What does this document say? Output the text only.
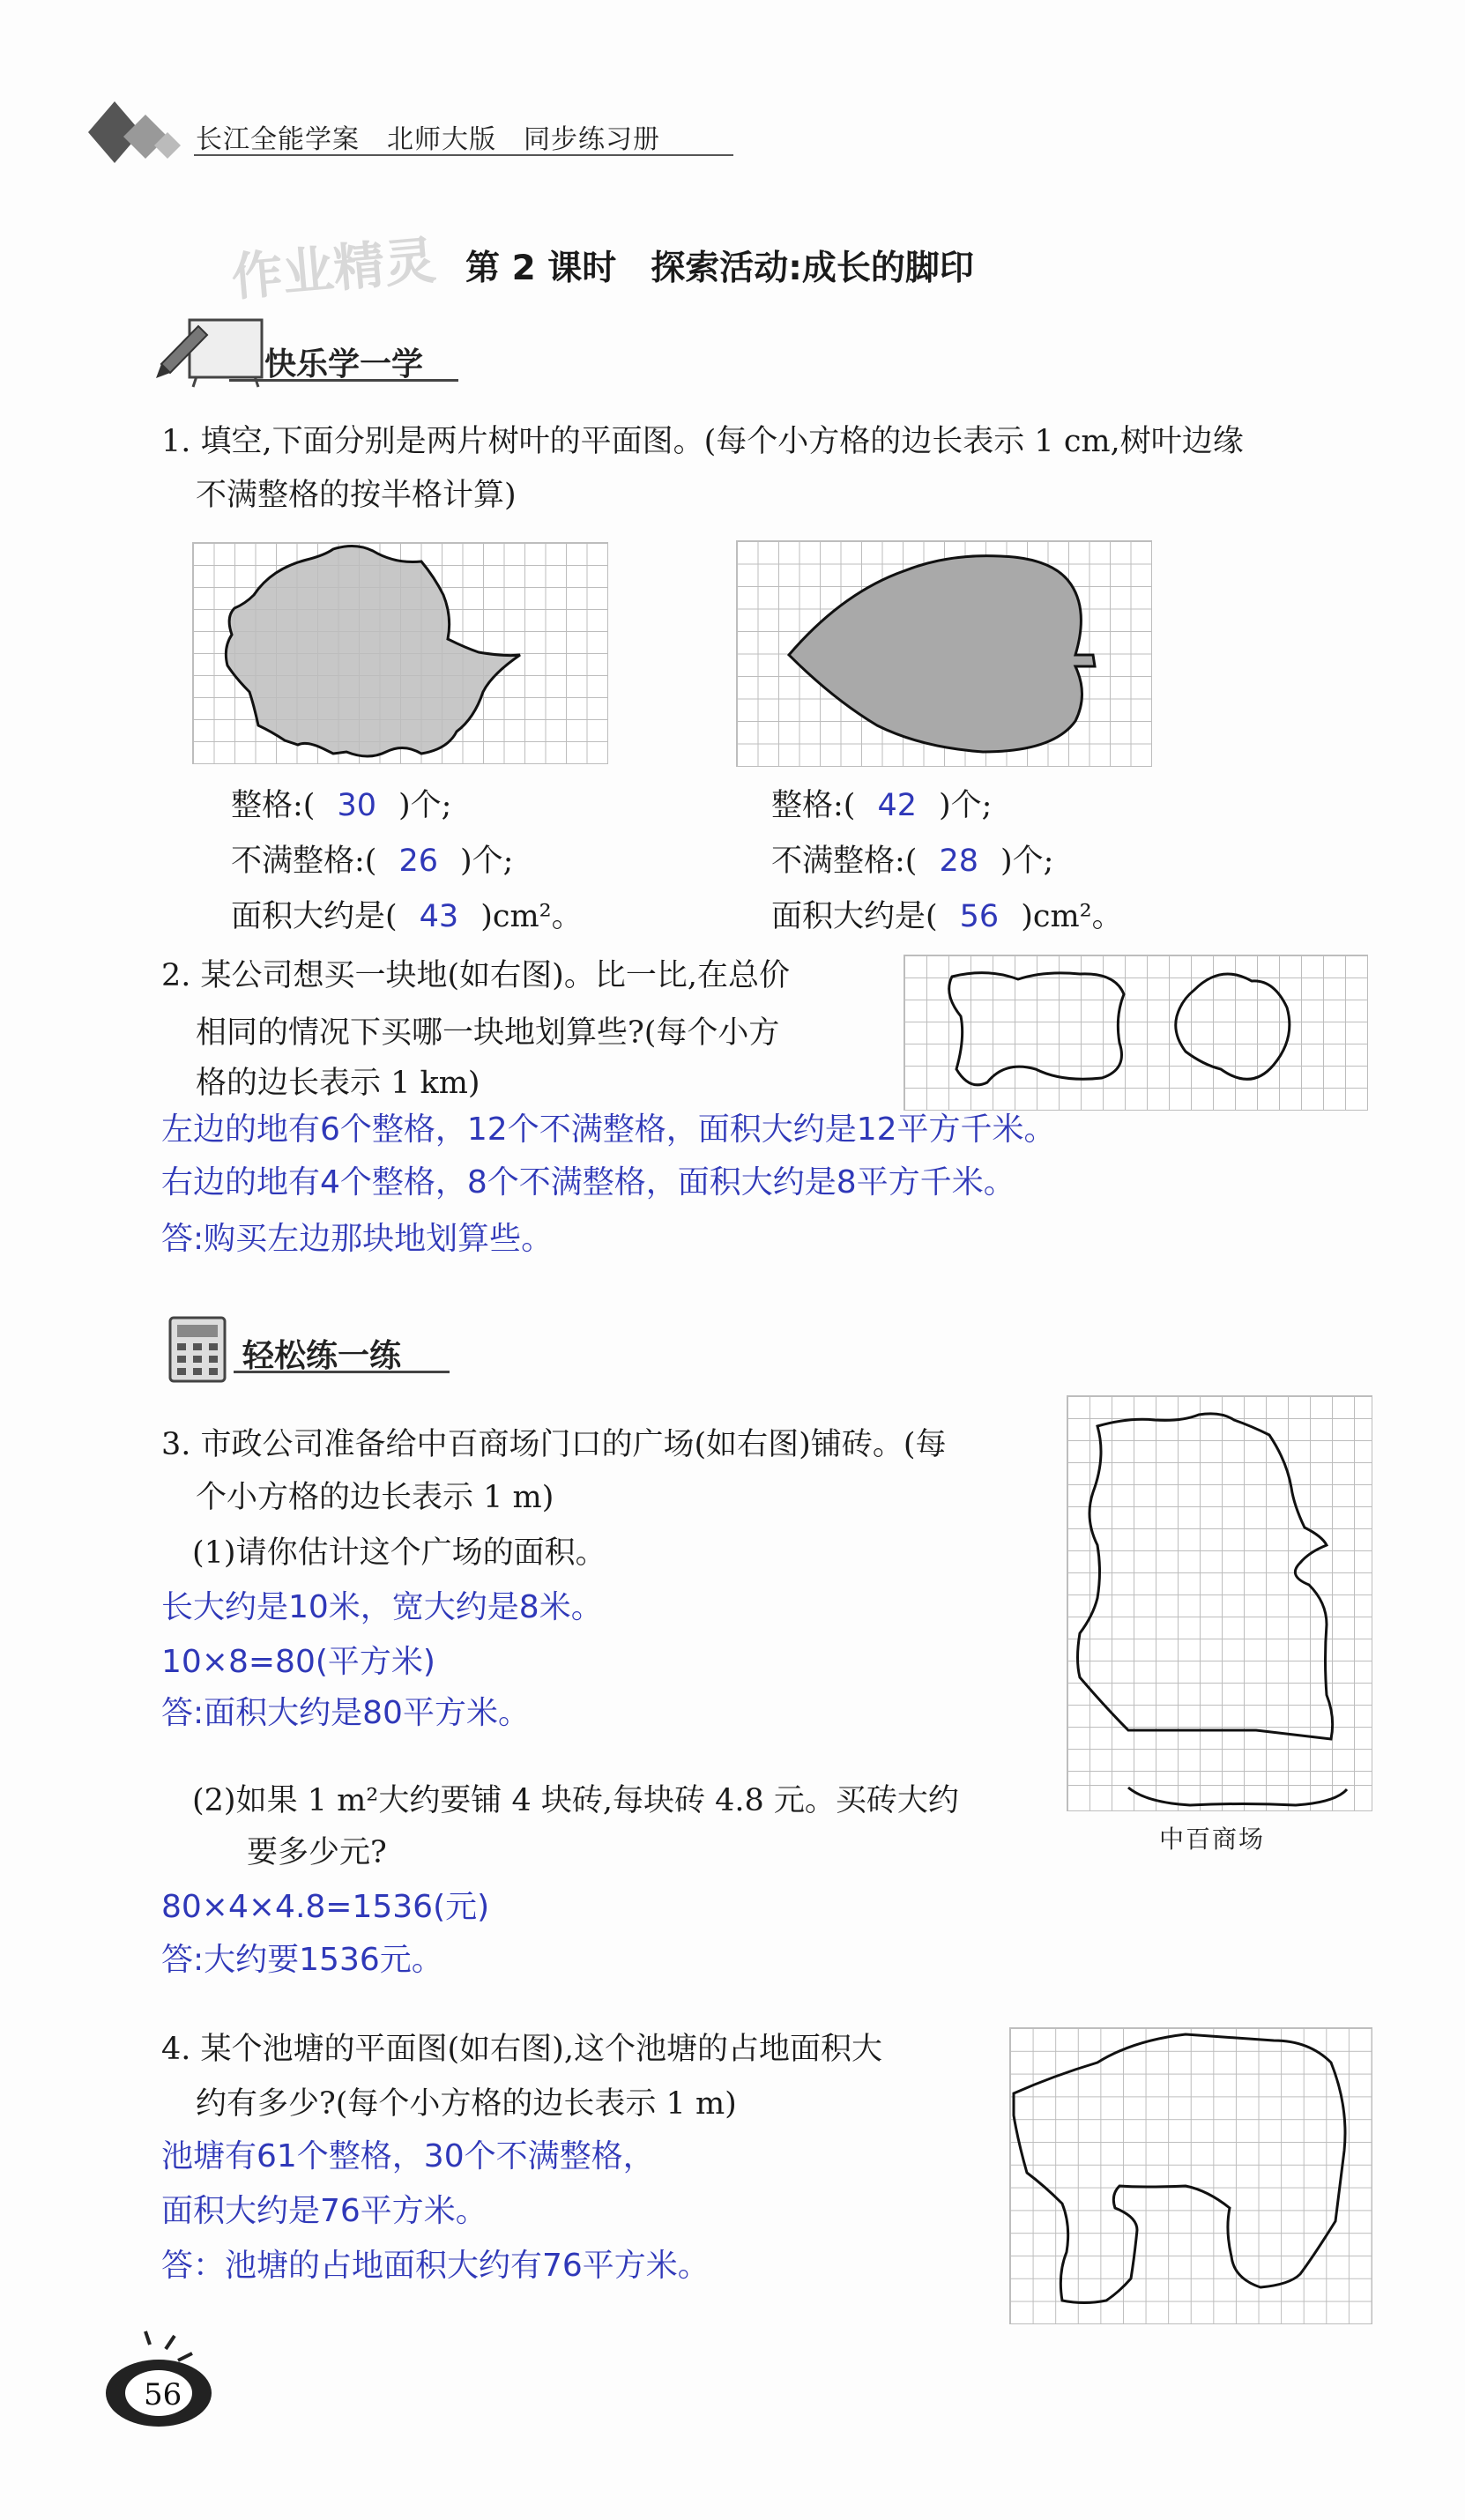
长江全能学案　北师大版　同步练习册
作业精灵 第 2 课时　探索活动:成长的脚印
快乐学一学
1. 填空,下面分别是两片树叶的平面图。(每个小方格的边长表示 1 cm,树叶边缘
不满整格的按半格计算)
整格:( 30 )个;
不满整格:( 26 )个;
面积大约是( 43 )cm²。
整格:( 42 )个;
不满整格:( 28 )个;
面积大约是( 56 )cm²。
2. 某公司想买一块地(如右图)。比一比,在总价
相同的情况下买哪一块地划算些?(每个小方
格的边长表示 1 km)
左边的地有6个整格，12个不满整格，面积大约是12平方千米。
右边的地有4个整格，8个不满整格，面积大约是8平方千米。
答:购买左边那块地划算些。
轻松练一练
3. 市政公司准备给中百商场门口的广场(如右图)铺砖。(每
个小方格的边长表示 1 m)
(1)请你估计这个广场的面积。
长大约是10米，宽大约是8米。
10×8=80(平方米)
答:面积大约是80平方米。
中百商场
(2)如果 1 m²大约要铺 4 块砖,每块砖 4.8 元。买砖大约
要多少元?
80×4×4.8=1536(元)
答:大约要1536元。
4. 某个池塘的平面图(如右图),这个池塘的占地面积大
约有多少?(每个小方格的边长表示 1 m)
池塘有61个整格，30个不满整格，
面积大约是76平方米。
答：池塘的占地面积大约有76平方米。
56
